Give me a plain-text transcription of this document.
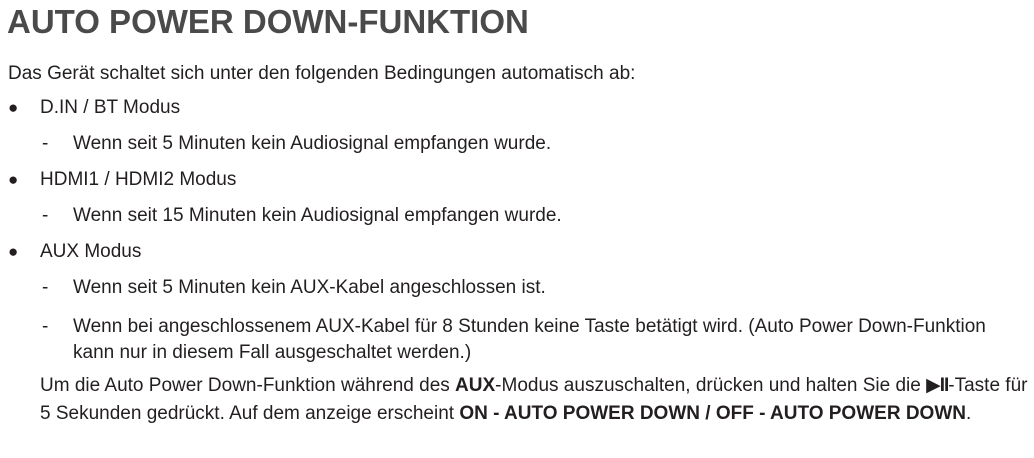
AUTO POWER DOWN-FUNKTION
Das Gerät schaltet sich unter den folgenden Bedingungen automatisch ab:
● D.IN / BT Modus
- Wenn seit 5 Minuten kein Audiosignal empfangen wurde.
● HDMI1 / HDMI2 Modus
- Wenn seit 15 Minuten kein Audiosignal empfangen wurde.
● AUX Modus
- Wenn seit 5 Minuten kein AUX-Kabel angeschlossen ist.
- Wenn bei angeschlossenem AUX-Kabel für 8 Stunden keine Taste betätigt wird. (Auto Power Down-Funktion kann nur in diesem Fall ausgeschaltet werden.)
Um die Auto Power Down-Funktion während des AUX-Modus auszuschalten, drücken und halten Sie die ▶II-Taste für 5 Sekunden gedrückt. Auf dem anzeige erscheint ON - AUTO POWER DOWN / OFF - AUTO POWER DOWN.
